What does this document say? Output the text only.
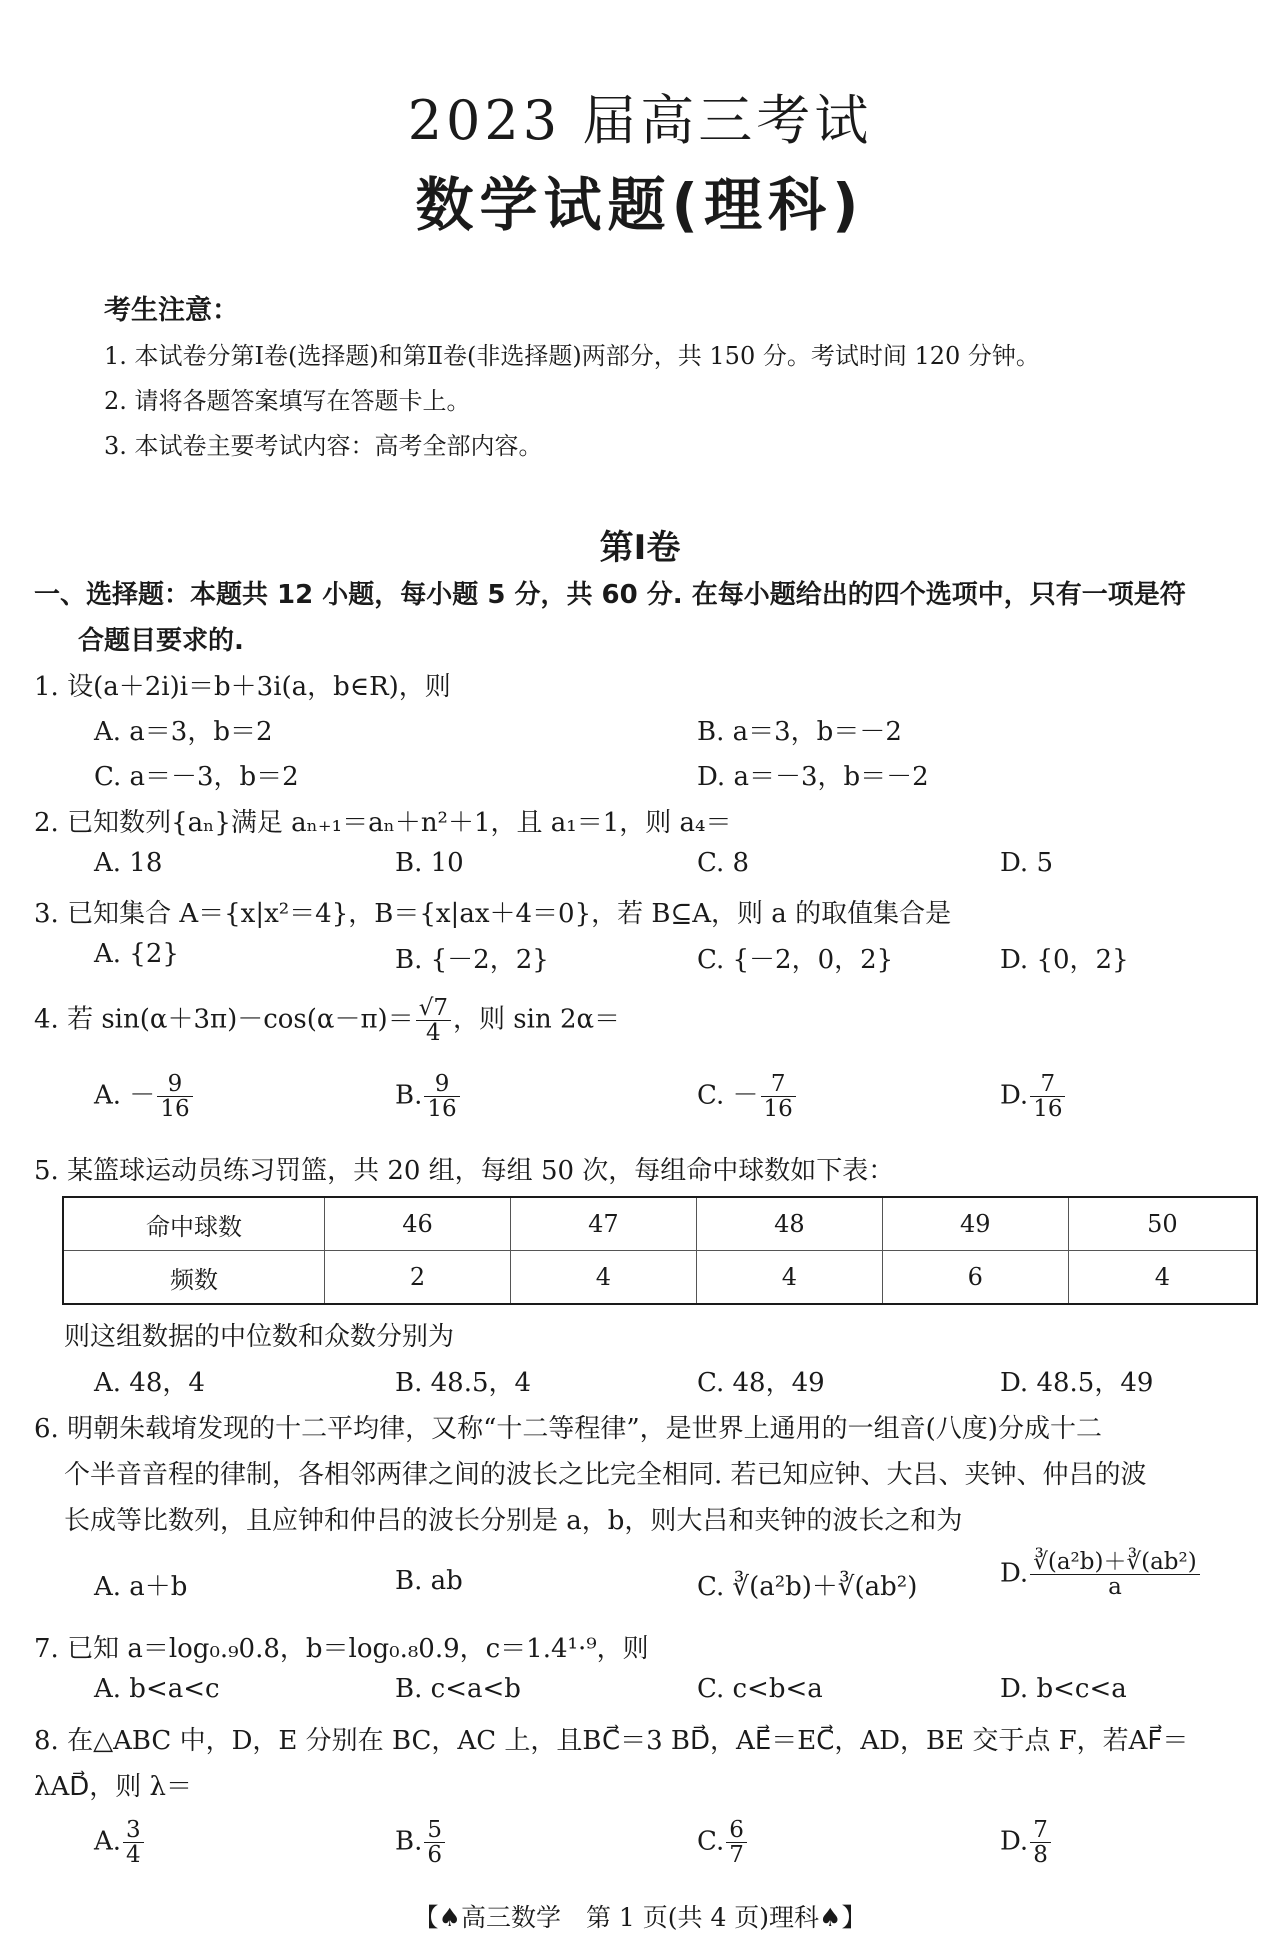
2023 届高三考试
数学试题(理科)
考生注意：
1. 本试卷分第Ⅰ卷(选择题)和第Ⅱ卷(非选择题)两部分，共 150 分。考试时间 120 分钟。
2. 请将各题答案填写在答题卡上。
3. 本试卷主要考试内容：高考全部内容。
第Ⅰ卷
一、选择题：本题共 12 小题，每小题 5 分，共 60 分. 在每小题给出的四个选项中，只有一项是符
合题目要求的.
1. 设(a＋2i)i＝b＋3i(a，b∈R)，则
A. a＝3，b＝2	B. a＝3，b＝－2
C. a＝－3，b＝2	D. a＝－3，b＝－2
2. 已知数列{aₙ}满足 aₙ₊₁＝aₙ＋n²＋1，且 a₁＝1，则 a₄＝
A. 18	B. 10	C. 8	D. 5
3. 已知集合 A＝{x|x²＝4}，B＝{x|ax＋4＝0}，若 B⊆A，则 a 的取值集合是
A. {2}	B. {－2，2}	C. {－2，0，2}	D. {0，2}
4. 若 $\sin(\alpha+3\pi)-\cos(\alpha-\pi)= \frac{√7}{4}$ ，则 sin 2α＝
A. － $\frac{9}{16}$	B. $\frac{9}{16}$	C. － $\frac{7}{16}$	D. $\frac{7}{16}$
5. 某篮球运动员练习罚篮，共 20 组，每组 50 次，每组命中球数如下表：
命中球数	46	47	48	49	50
频数	2	4	4	6	4
则这组数据的中位数和众数分别为
A. 48，4	B. 48.5，4	C. 48，49	D. 48.5，49
6. 明朝朱载堉发现的十二平均律，又称“十二等程律”，是世界上通用的一组音(八度)分成十二
个半音音程的律制，各相邻两律之间的波长之比完全相同. 若已知应钟、大吕、夹钟、仲吕的波
长成等比数列，且应钟和仲吕的波长分别是 a，b，则大吕和夹钟的波长之和为
A. a＋b	B. ab	C. ∛(a²b)＋∛(ab²)	D. $\frac{\text{∛(a²b)＋∛(ab²)}}{a}$
7. 已知 a＝log₀.₉0.8，b＝log₀.₈0.9，c＝1.4¹·⁹，则
A. b<a<c	B. c<a<b	C. c<b<a	D. b<c<a
8. 在△ABC 中，D，E 分别在 BC，AC 上，且BC⃗＝3 BD⃗，AE⃗＝EC⃗，AD，BE 交于点 F，若AF⃗＝
λAD⃗，则 λ＝
A. $\frac{3}{4}$	B. $\frac{5}{6}$	C. $\frac{6}{7}$	D. $\frac{7}{8}$
【♠高三数学　第 1 页(共 4 页)理科♠】
